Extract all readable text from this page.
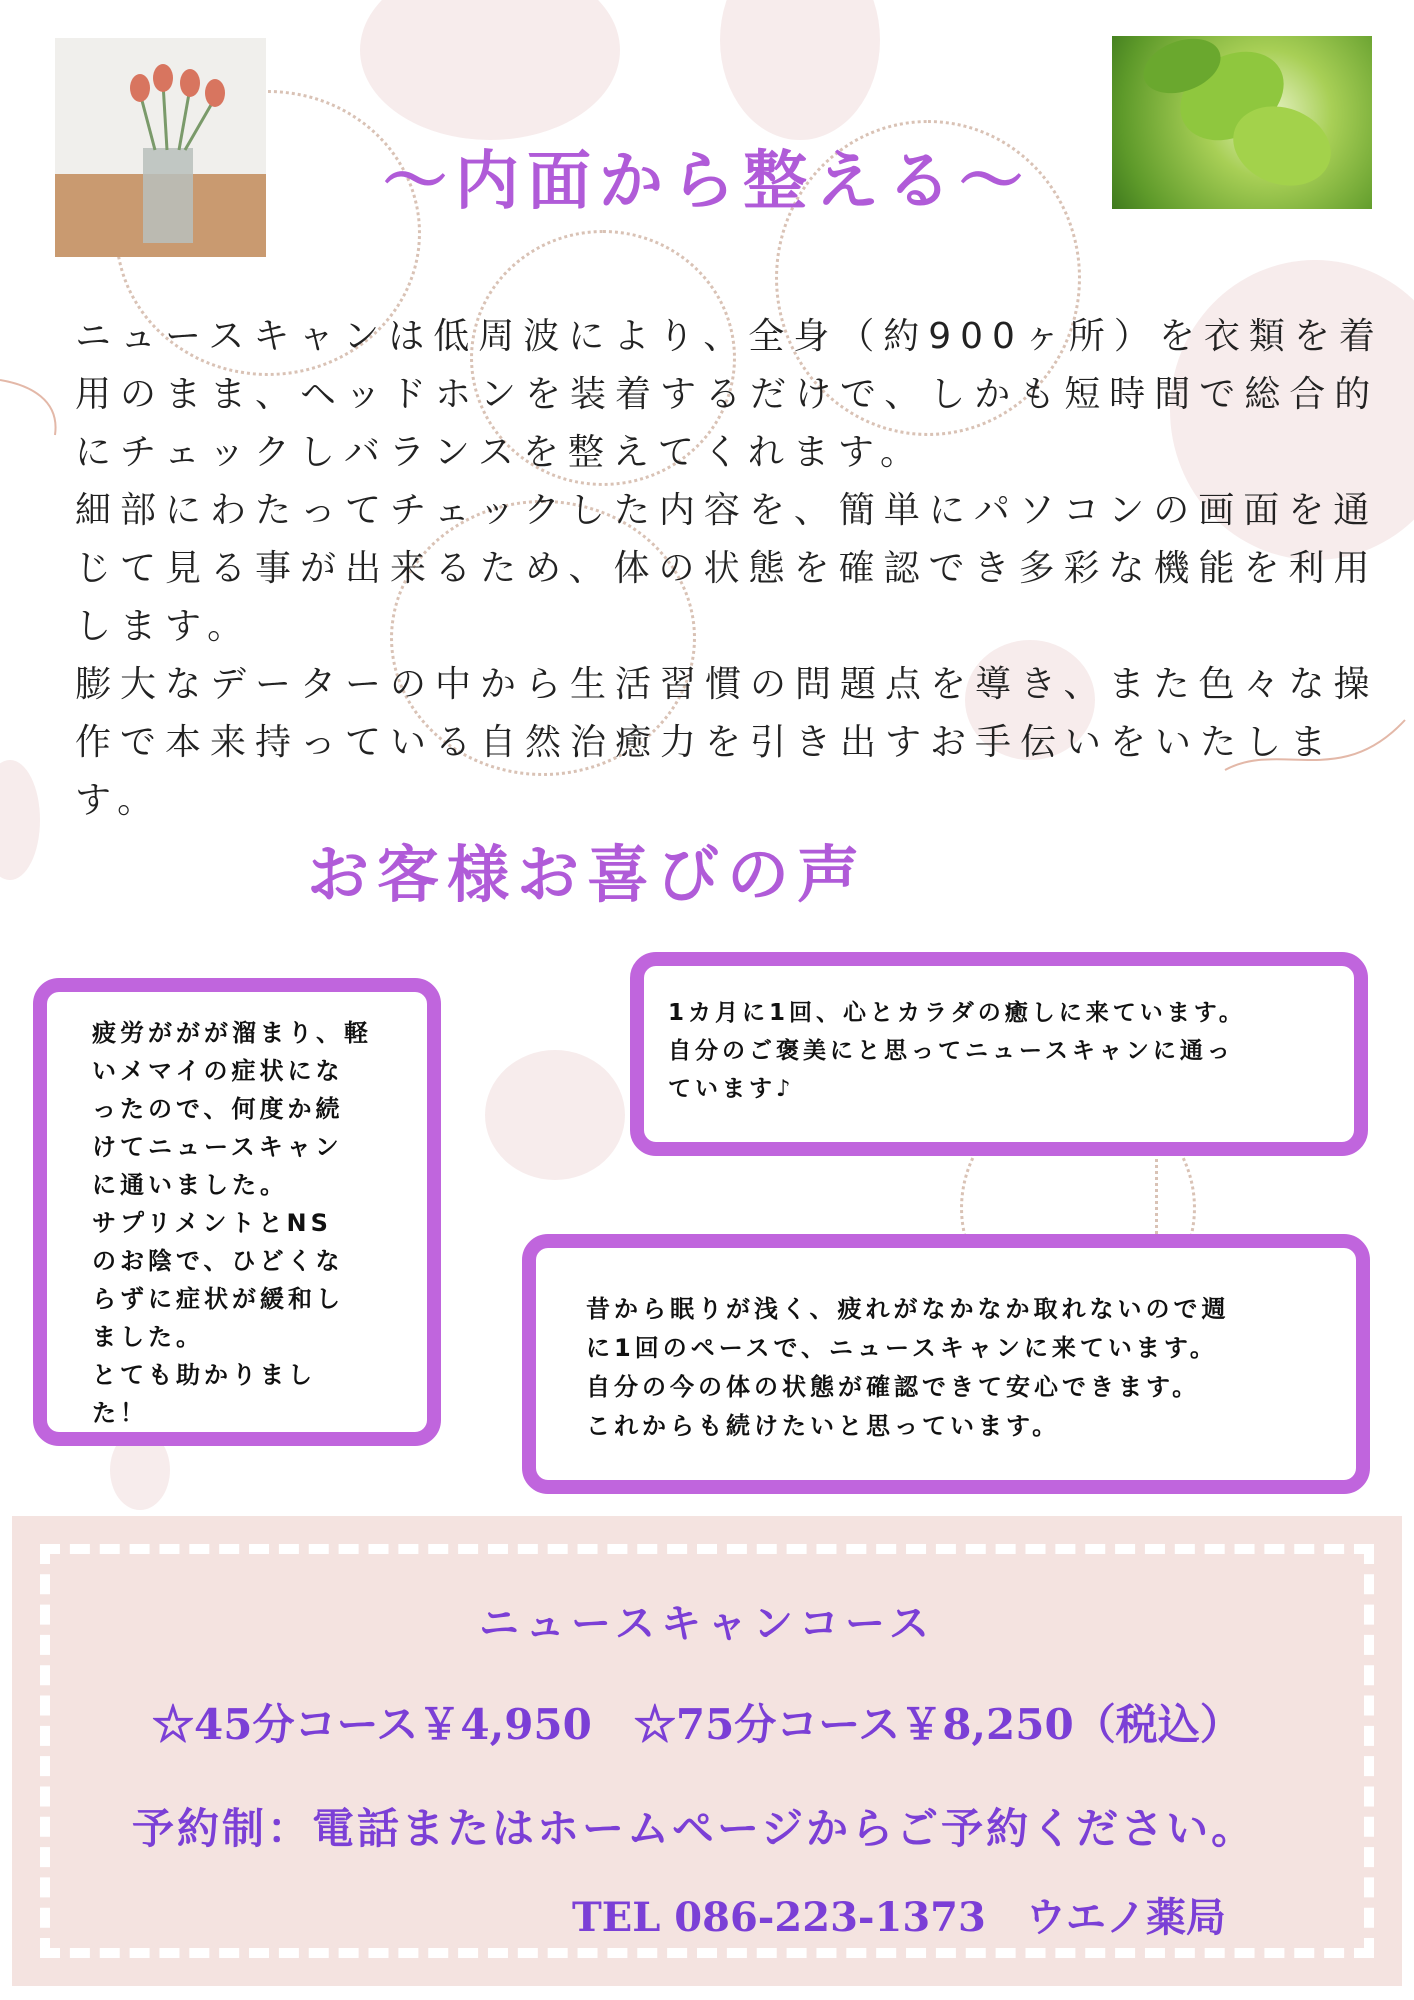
〜内面から整える〜

ニュースキャンは低周波により、全身（約900ヶ所）を衣類を着用のまま、ヘッドホンを装着するだけで、しかも短時間で総合的にチェックしバランスを整えてくれます。

細部にわたってチェックした内容を、簡単にパソコンの画面を通じて見る事が出来るため、体の状態を確認でき多彩な機能を利用します。

膨大なデーターの中から生活習慣の問題点を導き、また色々な操作で本来持っている自然治癒力を引き出すお手伝いをいたします。

お客様お喜びの声

疲労ががが溜まり、軽

いメマイの症状にな

ったので、何度か続

けてニュースキャン

に通いました。

サプリメントとNS

のお陰で、ひどくな

らずに症状が緩和し

ました。

とても助かりまし

た！

1カ月に1回、心とカラダの癒しに来ています。

自分のご褒美にと思ってニュースキャンに通っ

ています♪

昔から眠りが浅く、疲れがなかなか取れないので週

に1回のペースで、ニュースキャンに来ています。

自分の今の体の状態が確認できて安心できます。

これからも続けたいと思っています。

ニュースキャンコース
☆45分コース￥4,950　☆75分コース￥8,250（税込）
予約制：電話またはホームページからご予約ください。
TEL 086-223-1373　ウエノ薬局
